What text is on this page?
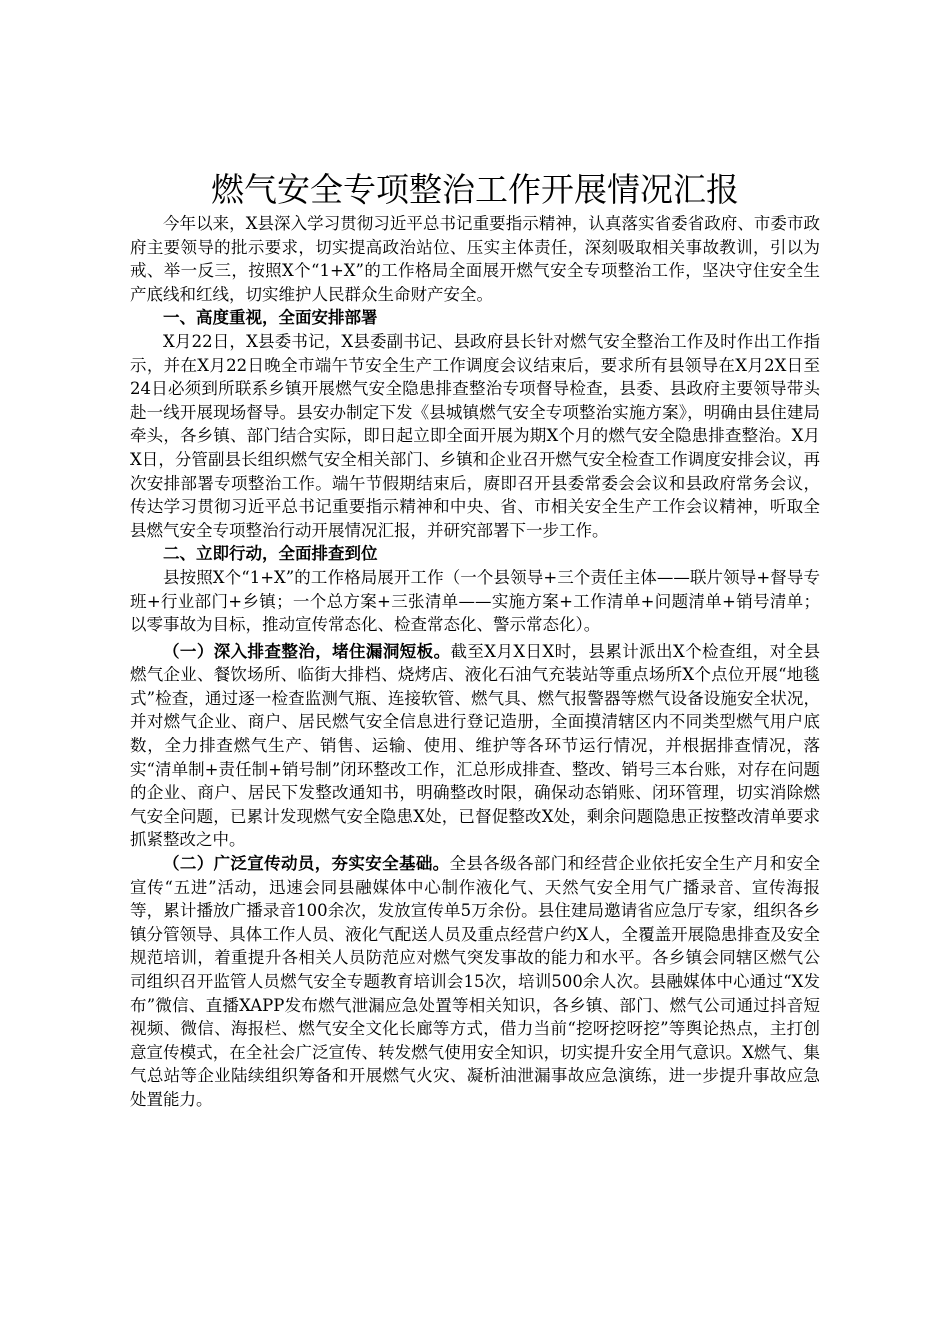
燃气安全专项整治工作开展情况汇报

今年以来，X县深入学习贯彻习近平总书记重要指示精神，认真落实省委省政府、市委市政府主要领导的批示要求，切实提高政治站位、压实主体责任，深刻吸取相关事故教训，引以为戒、举一反三，按照X个“1+X”的工作格局全面展开燃气安全专项整治工作，坚决守住安全生产底线和红线，切实维护人民群众生命财产安全。

一、高度重视，全面安排部署

X月22日，X县委书记，X县委副书记、县政府县长针对燃气安全整治工作及时作出工作指示，并在X月22日晚全市端午节安全生产工作调度会议结束后，要求所有县领导在X月2X日至24日必须到所联系乡镇开展燃气安全隐患排查整治专项督导检查，县委、县政府主要领导带头赴一线开展现场督导。县安办制定下发《县城镇燃气安全专项整治实施方案》，明确由县住建局牵头，各乡镇、部门结合实际，即日起立即全面开展为期X个月的燃气安全隐患排查整治。X月X日，分管副县长组织燃气安全相关部门、乡镇和企业召开燃气安全检查工作调度安排会议，再次安排部署专项整治工作。端午节假期结束后，赓即召开县委常委会会议和县政府常务会议，传达学习贯彻习近平总书记重要指示精神和中央、省、市相关安全生产工作会议精神，听取全县燃气安全专项整治行动开展情况汇报，并研究部署下一步工作。

二、立即行动，全面排查到位

县按照X个“1+X”的工作格局展开工作（一个县领导+三个责任主体——联片领导+督导专班+行业部门+乡镇；一个总方案+三张清单——实施方案+工作清单+问题清单+销号清单；以零事故为目标，推动宣传常态化、检查常态化、警示常态化）。

（一）深入排查整治，堵住漏洞短板。截至X月X日X时，县累计派出X个检查组，对全县燃气企业、餐饮场所、临街大排档、烧烤店、液化石油气充装站等重点场所X个点位开展“地毯式”检查，通过逐一检查监测气瓶、连接软管、燃气具、燃气报警器等燃气设备设施安全状况，并对燃气企业、商户、居民燃气安全信息进行登记造册，全面摸清辖区内不同类型燃气用户底数，全力排查燃气生产、销售、运输、使用、维护等各环节运行情况，并根据排查情况，落实“清单制+责任制+销号制”闭环整改工作，汇总形成排查、整改、销号三本台账，对存在问题的企业、商户、居民下发整改通知书，明确整改时限，确保动态销账、闭环管理，切实消除燃气安全问题，已累计发现燃气安全隐患X处，已督促整改X处，剩余问题隐患正按整改清单要求抓紧整改之中。

（二）广泛宣传动员，夯实安全基础。全县各级各部门和经营企业依托安全生产月和安全宣传“五进”活动，迅速会同县融媒体中心制作液化气、天然气安全用气广播录音、宣传海报等，累计播放广播录音100余次，发放宣传单5万余份。县住建局邀请省应急厅专家，组织各乡镇分管领导、具体工作人员、液化气配送人员及重点经营户约X人，全覆盖开展隐患排查及安全规范培训，着重提升各相关人员防范应对燃气突发事故的能力和水平。各乡镇会同辖区燃气公司组织召开监管人员燃气安全专题教育培训会15次，培训500余人次。县融媒体中心通过“X发布”微信、直播XAPP发布燃气泄漏应急处置等相关知识，各乡镇、部门、燃气公司通过抖音短视频、微信、海报栏、燃气安全文化长廊等方式，借力当前“挖呀挖呀挖”等舆论热点，主打创意宣传模式，在全社会广泛宣传、转发燃气使用安全知识，切实提升安全用气意识。X燃气、集气总站等企业陆续组织筹备和开展燃气火灾、凝析油泄漏事故应急演练，进一步提升事故应急处置能力。
